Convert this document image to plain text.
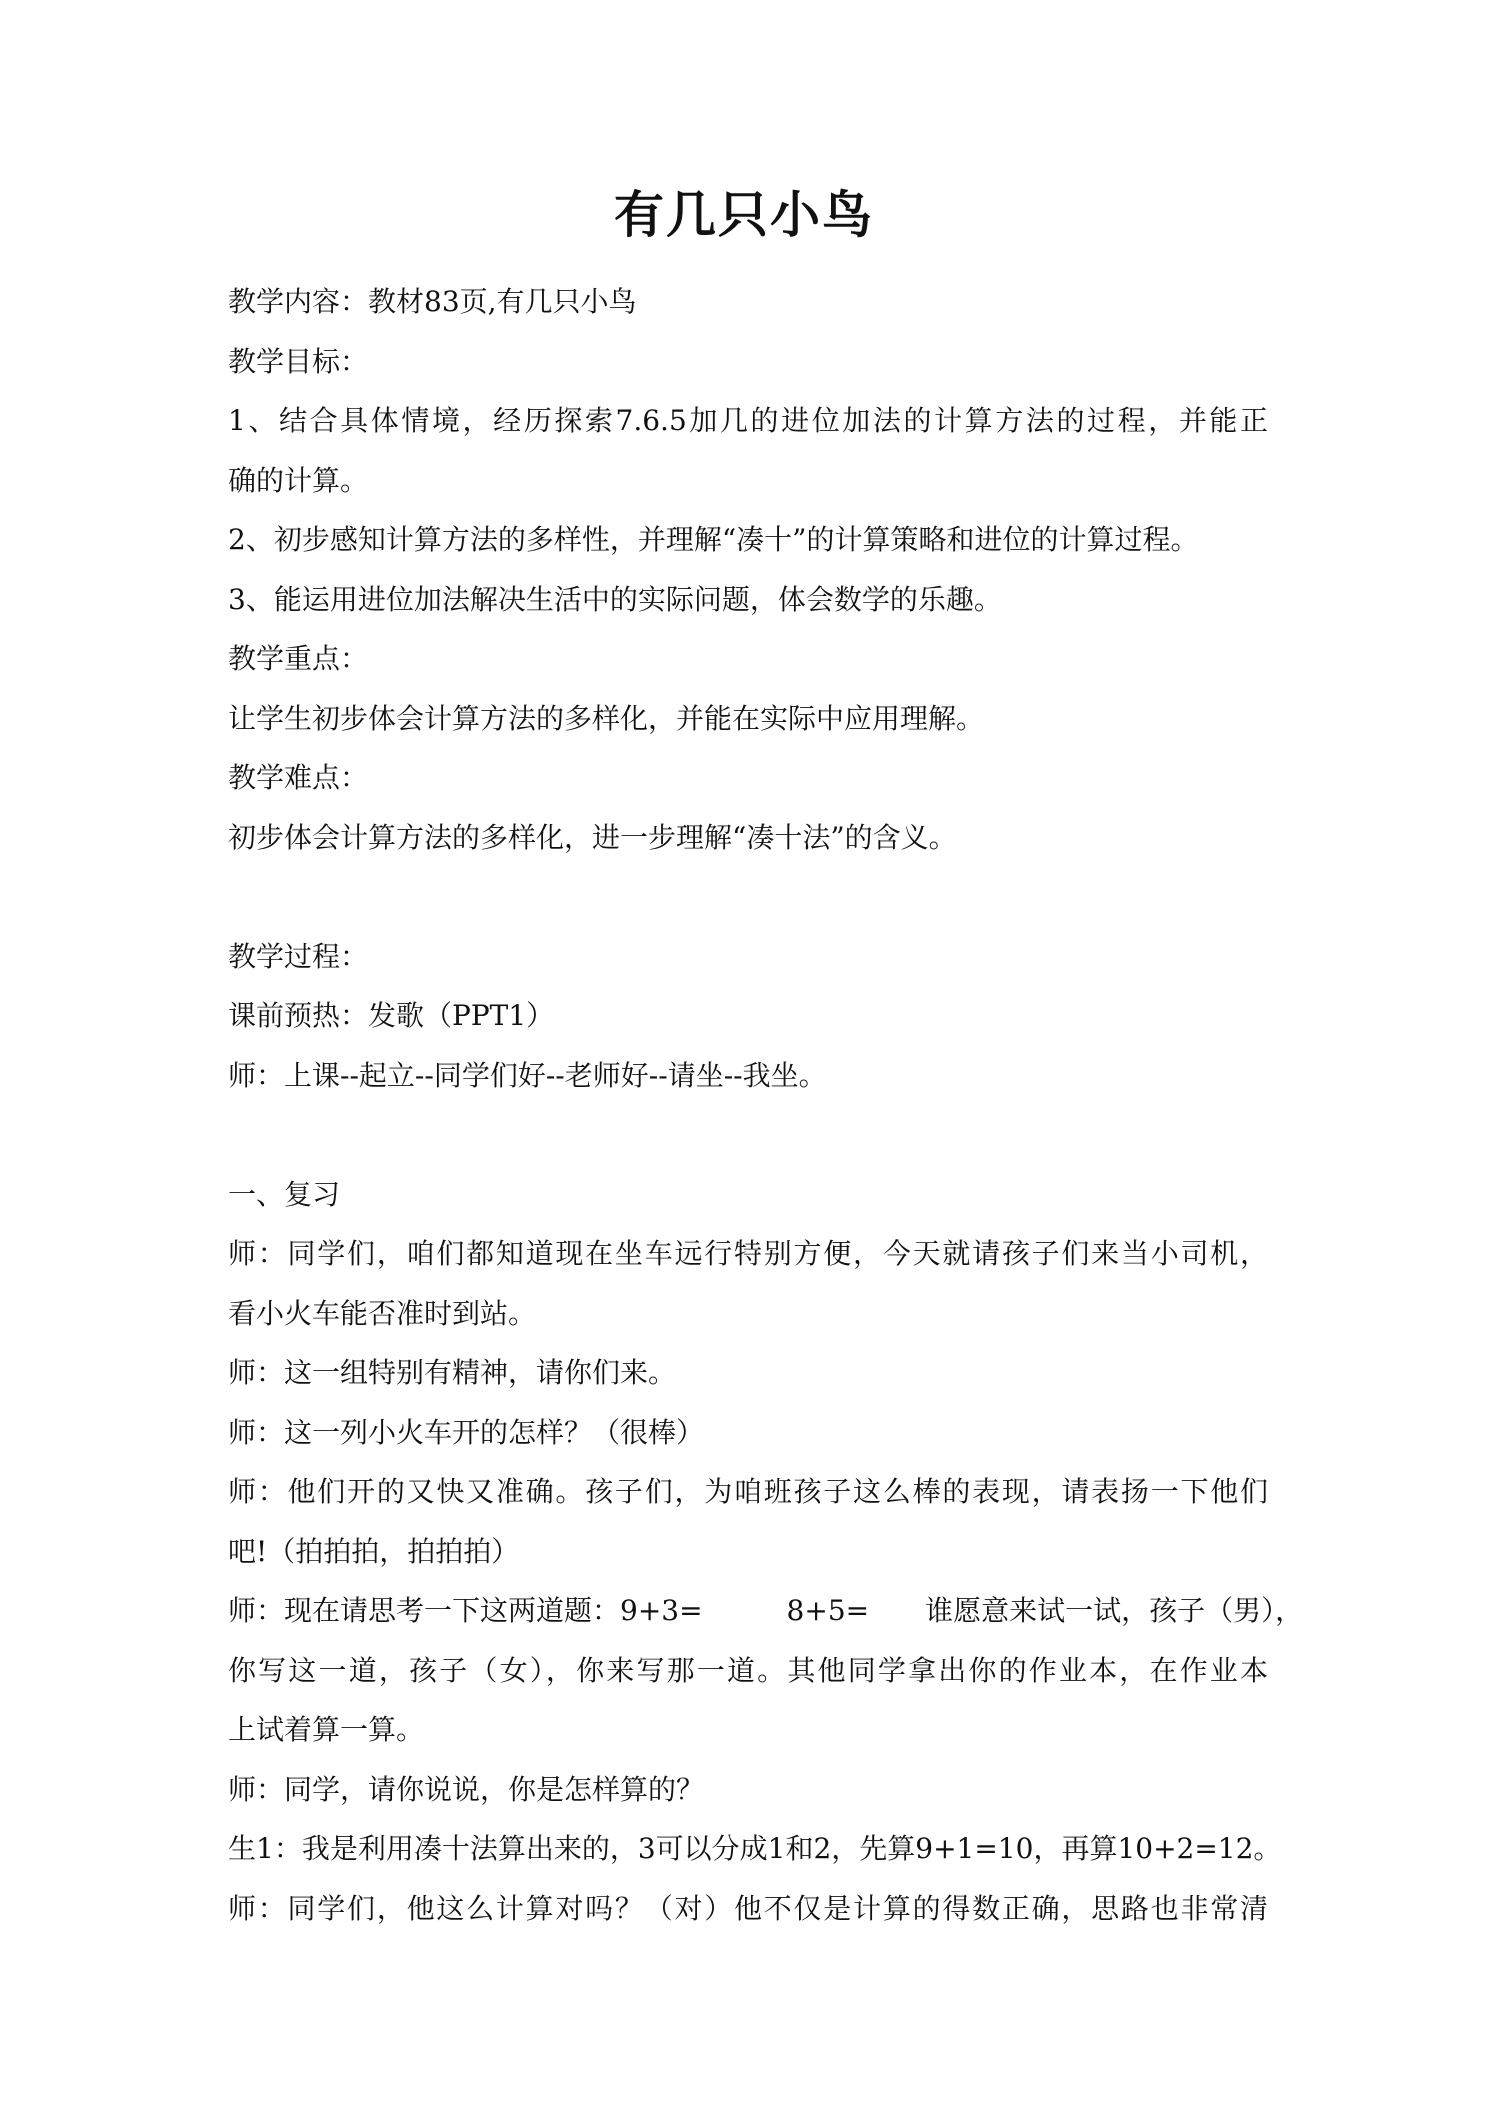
有几只小鸟
教学内容：教材83页,有几只小鸟
教学目标：
1、结合具体情境，经历探索7.6.5加几的进位加法的计算方法的过程，并能正
确的计算。
2、初步感知计算方法的多样性，并理解“凑十”的计算策略和进位的计算过程。
3、能运用进位加法解决生活中的实际问题，体会数学的乐趣。
教学重点：
让学生初步体会计算方法的多样化，并能在实际中应用理解。
教学难点：
初步体会计算方法的多样化，进一步理解“凑十法”的含义。
教学过程：
课前预热：发歌（PPT1）
师：上课--起立--同学们好--老师好--请坐--我坐。
一、复习
师：同学们，咱们都知道现在坐车远行特别方便，今天就请孩子们来当小司机，
看小火车能否准时到站。
师：这一组特别有精神，请你们来。
师：这一列小火车开的怎样？（很棒）
师：他们开的又快又准确。孩子们，为咱班孩子这么棒的表现，请表扬一下他们
吧!（拍拍拍，拍拍拍）
师：现在请思考一下这两道题：9+3=　　　8+5=　　谁愿意来试一试，孩子（男），
你写这一道，孩子（女），你来写那一道。其他同学拿出你的作业本，在作业本
上试着算一算。
师：同学，请你说说，你是怎样算的？
生1：我是利用凑十法算出来的，3可以分成1和2，先算9+1=10，再算10+2=12。
师：同学们，他这么计算对吗？（对）他不仅是计算的得数正确，思路也非常清
